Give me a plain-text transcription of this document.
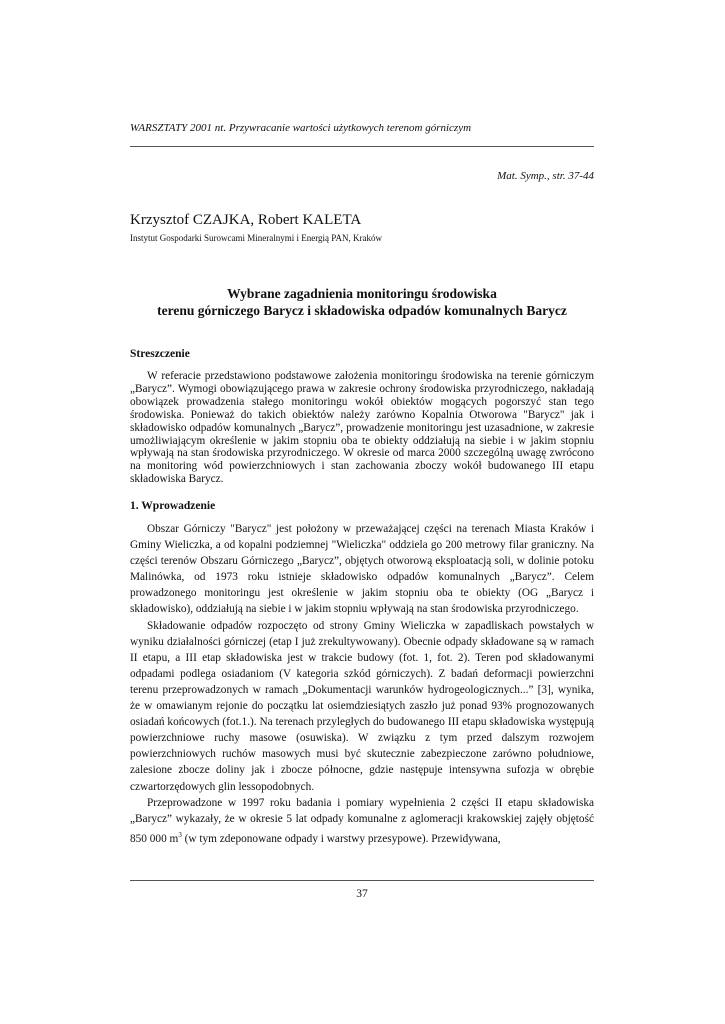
WARSZTATY 2001 nt. Przywracanie wartości użytkowych terenom górniczym
Mat. Symp., str. 37-44
Krzysztof CZAJKA, Robert KALETA
Instytut Gospodarki Surowcami Mineralnymi i Energią PAN, Kraków
Wybrane zagadnienia monitoringu środowiska
terenu górniczego Barycz i składowiska odpadów komunalnych Barycz
Streszczenie

W referacie przedstawiono podstawowe założenia monitoringu środowiska na terenie górniczym „Barycz”. Wymogi obowiązującego prawa w zakresie ochrony środowiska przyrodniczego, nakładają obowiązek prowadzenia stałego monitoringu wokół obiektów mogących pogorszyć stan tego środowiska. Ponieważ do takich obiektów należy zarówno Kopalnia Otworowa "Barycz" jak i składowisko odpadów komunalnych „Barycz”, prowadzenie monitoringu jest uzasadnione, w zakresie umożliwiającym określenie w jakim stopniu oba te obiekty oddziałują na siebie i w jakim stopniu wpływają na stan środowiska przyrodniczego. W okresie od marca 2000 szczególną uwagę zwrócono na monitoring wód powierzchniowych i stan zachowania zboczy wokół budowanego III etapu składowiska Barycz.

1. Wprowadzenie

Obszar Górniczy "Barycz" jest położony w przeważającej części na terenach Miasta Kraków i Gminy Wieliczka, a od kopalni podziemnej "Wieliczka" oddziela go 200 metrowy filar graniczny. Na części terenów Obszaru Górniczego „Barycz”, objętych otworową eksploatacją soli, w dolinie potoku Malinówka, od 1973 roku istnieje składowisko odpadów komunalnych „Barycz”. Celem prowadzonego monitoringu jest określenie w jakim stopniu oba te obiekty (OG „Barycz i składowisko), oddziałują na siebie i w jakim stopniu wpływają na stan środowiska przyrodniczego.

Składowanie odpadów rozpoczęto od strony Gminy Wieliczka w zapadliskach powstałych w wyniku działalności górniczej (etap I już zrekultywowany). Obecnie odpady składowane są w ramach II etapu, a III etap składowiska jest w trakcie budowy (fot. 1, fot. 2). Teren pod składowanymi odpadami podlega osiadaniom (V kategoria szkód górniczych). Z badań deformacji powierzchni terenu przeprowadzonych w ramach „Dokumentacji warunków hydrogeologicznych...” [3], wynika, że w omawianym rejonie do początku lat osiemdziesiątych zaszło już ponad 93% prognozowanych osiadań końcowych (fot.1.). Na terenach przyległych do budowanego III etapu składowiska występują powierzchniowe ruchy masowe (osuwiska). W związku z tym przed dalszym rozwojem powierzchniowych ruchów masowych musi być skutecznie zabezpieczone zarówno południowe, zalesione zbocze doliny jak i zbocze północne, gdzie następuje intensywna sufozja w obrębie czwartorzędowych glin lessopodobnych.

Przeprowadzone w 1997 roku badania i pomiary wypełnienia 2 części II etapu składowiska „Barycz” wykazały, że w okresie 5 lat odpady komunalne z aglomeracji krakowskiej zajęły objętość 850 000 $m^3$ (w tym zdeponowane odpady i warstwy przesypowe). Przewidywana,

37
